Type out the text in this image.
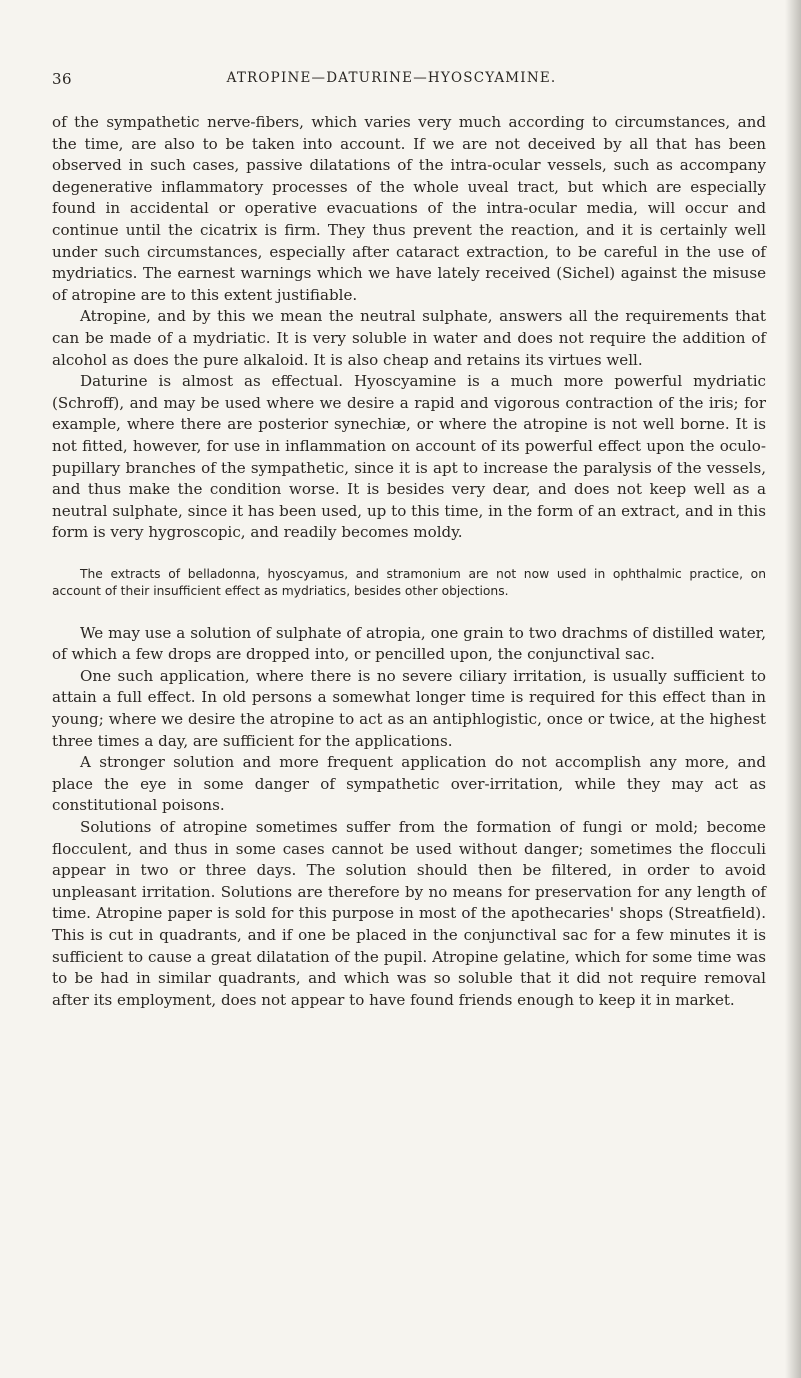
36	ATROPINE—DATURINE—HYOSCYAMINE.

of the sympathetic nerve-fibers, which varies very much according to circumstances, and the time, are also to be taken into account. If we are not deceived by all that has been observed in such cases, passive dilatations of the intra-ocular vessels, such as accompany degenerative inflammatory processes of the whole uveal tract, but which are especially found in accidental or operative evacuations of the intra-ocular media, will occur and continue until the cicatrix is firm. They thus prevent the reaction, and it is certainly well under such circumstances, especially after cataract extraction, to be careful in the use of mydriatics. The earnest warnings which we have lately received (Sichel) against the misuse of atropine are to this extent justifiable.

Atropine, and by this we mean the neutral sulphate, answers all the requirements that can be made of a mydriatic. It is very soluble in water and does not require the addition of alcohol as does the pure alkaloid. It is also cheap and retains its virtues well.

Daturine is almost as effectual. Hyoscyamine is a much more powerful mydriatic (Schroff), and may be used where we desire a rapid and vigorous contraction of the iris; for example, where there are posterior synechiæ, or where the atropine is not well borne. It is not fitted, however, for use in inflammation on account of its powerful effect upon the oculo-pupillary branches of the sympathetic, since it is apt to increase the paralysis of the vessels, and thus make the condition worse. It is besides very dear, and does not keep well as a neutral sulphate, since it has been used, up to this time, in the form of an extract, and in this form is very hygroscopic, and readily becomes moldy.

The extracts of belladonna, hyoscyamus, and stramonium are not now used in ophthalmic practice, on account of their insufficient effect as mydriatics, besides other objections.

We may use a solution of sulphate of atropia, one grain to two drachms of distilled water, of which a few drops are dropped into, or pencilled upon, the conjunctival sac.

One such application, where there is no severe ciliary irritation, is usually sufficient to attain a full effect. In old persons a somewhat longer time is required for this effect than in young; where we desire the atropine to act as an antiphlogistic, once or twice, at the highest three times a day, are sufficient for the applications.

A stronger solution and more frequent application do not accomplish any more, and place the eye in some danger of sympathetic over-irritation, while they may act as constitutional poisons.

Solutions of atropine sometimes suffer from the formation of fungi or mold; become flocculent, and thus in some cases cannot be used without danger; sometimes the flocculi appear in two or three days. The solution should then be filtered, in order to avoid unpleasant irritation. Solutions are therefore by no means for preservation for any length of time. Atropine paper is sold for this purpose in most of the apothecaries' shops (Streatfield). This is cut in quadrants, and if one be placed in the conjunctival sac for a few minutes it is sufficient to cause a great dilatation of the pupil. Atropine gelatine, which for some time was to be had in similar quadrants, and which was so soluble that it did not require removal after its employment, does not appear to have found friends enough to keep it in market.
